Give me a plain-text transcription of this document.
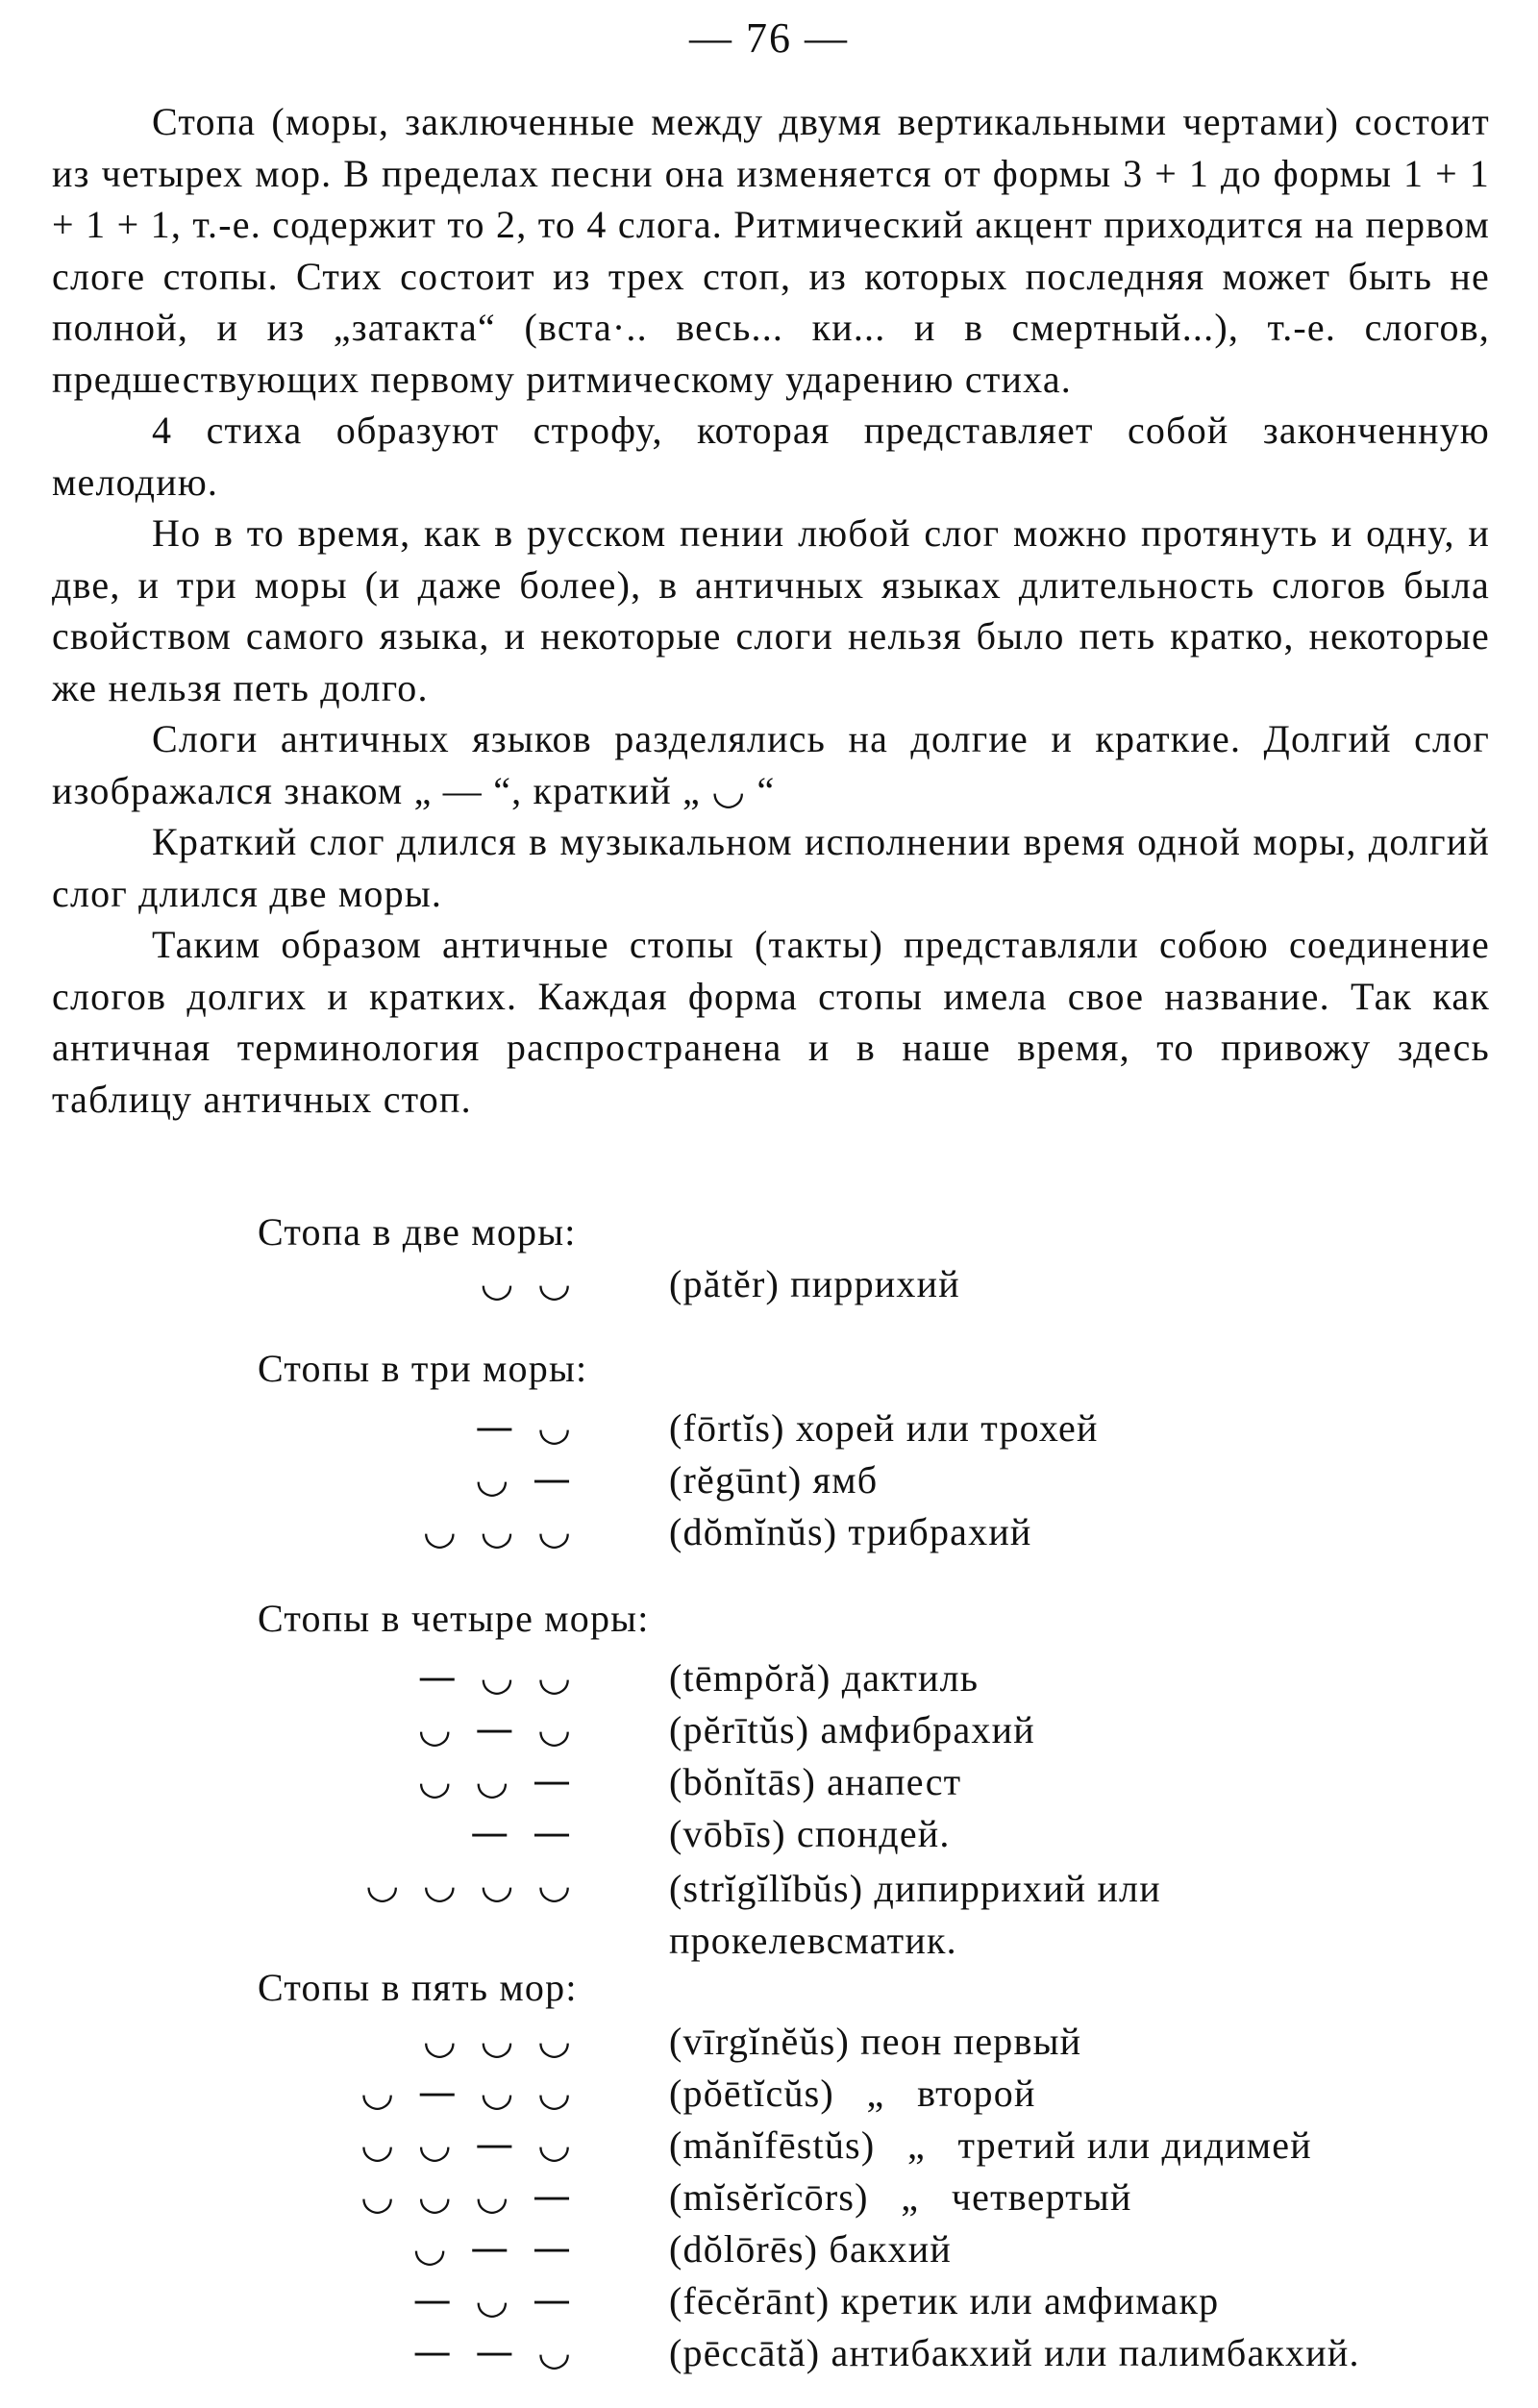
— 76 —

Стопа (моры, заключенные между двумя вертикальными чертами) состоит из четырех мор. В пределах песни она изменяется от формы 3 + 1 до формы 1 + 1 + 1 + 1, т.-е. содержит то 2, то 4 слога. Ритмический акцент приходится на первом слоге стопы. Стих состоит из трех стоп, из которых последняя может быть не полной, и из „затакта“ (вста·.. весь... ки... и в смертный...), т.-е. слогов, предшествующих первому ритмическому ударению стиха.

4 стиха образуют строфу, которая представляет собой законченную мелодию.

Но в то время, как в русском пении любой слог можно протянуть и одну, и две, и три моры (и даже более), в античных языках длительность слогов была свойством самого языка, и некоторые слоги нельзя было петь кратко, некоторые же нельзя петь долго.

Слоги античных языков разделялись на долгие и краткие. Долгий слог изображался знаком „ — “, краткий „ ◡ “

Краткий слог длился в музыкальном исполнении время одной моры, долгий слог длился две моры.

Таким образом античные стопы (такты) представляли собою соединение слогов долгих и кратких. Каждая форма стопы имела свое название. Так как античная терминология распространена и в наше время, то привожу здесь таблицу античных стоп.

Стопа в две моры:
◡ ◡ (pătĕr) пиррихий
Стопы в три моры:
— ◡ (fōrtĭs) хорей или трохей
◡ — (rĕgūnt) ямб
◡ ◡ ◡ (dŏmĭnŭs) трибрахий
Стопы в четыре моры:
— ◡ ◡ (tēmpŏră) дактиль
◡ — ◡ (pĕrītŭs) амфибрахий
◡ ◡ — (bŏnĭtās) анапест
— — (vōbīs) спондей.
◡ ◡ ◡ ◡ (strĭgĭlĭbŭs) дипиррихий или прокелевсматик.
Стопы в пять мор:
◡ ◡ ◡ (vīrgĭnĕŭs) пеон первый
◡ — ◡ ◡ (pŏētĭcŭs)   „   второй
◡ ◡ — ◡ (mănĭfēstŭs)   „   третий или дидимей
◡ ◡ ◡ — (mĭsĕrĭcōrs)   „   четвертый
◡ — — (dŏlōrēs) бакхий
— ◡ — (fēcĕrānt) кретик или амфимакр
— — ◡ (pēccātă) антибакхий или палимбакхий.
